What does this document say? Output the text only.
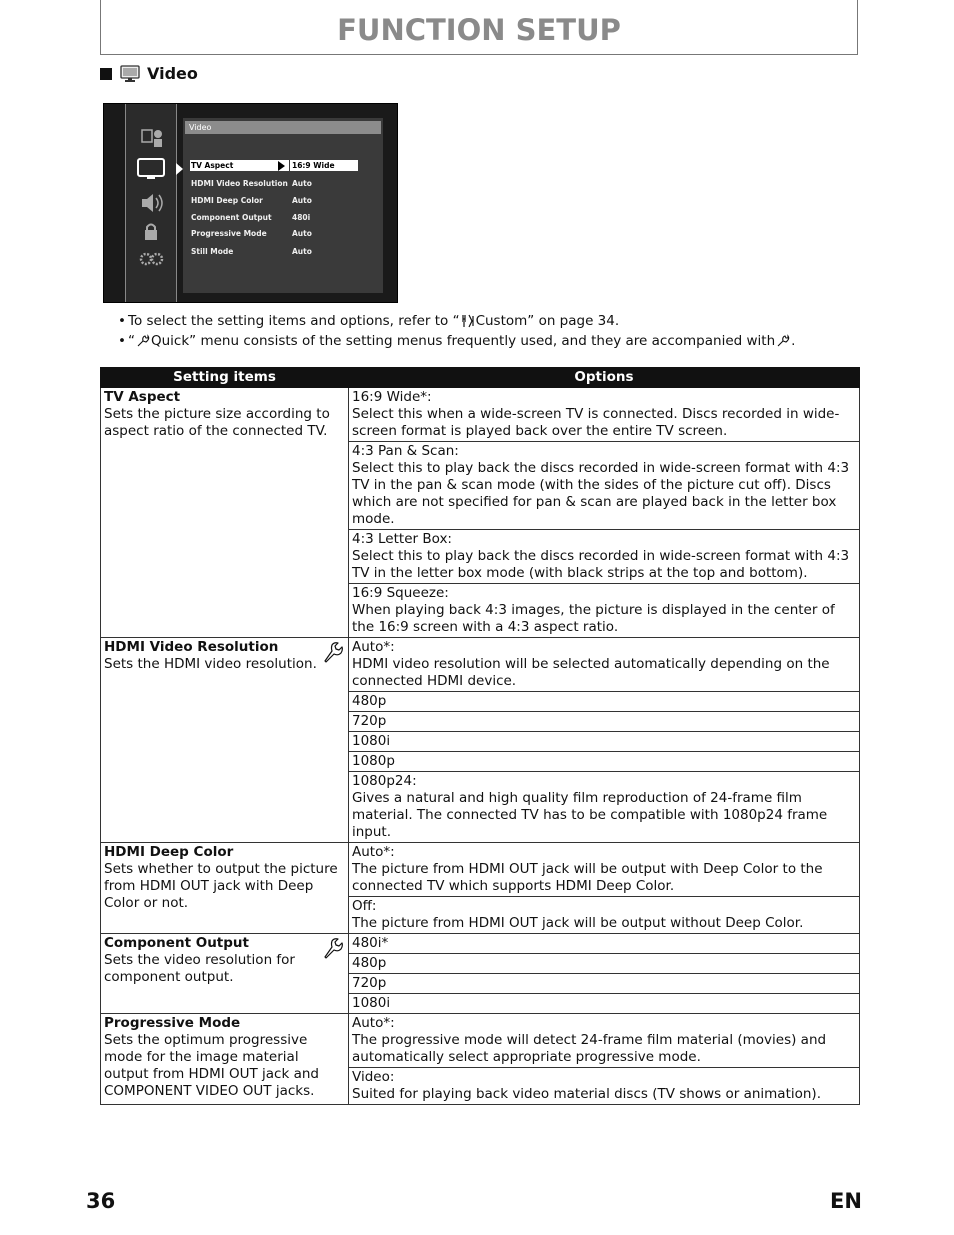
FUNCTION SETUP
Video
Video
TV Aspect	16:9 Wide
HDMI Video Resolution Auto
HDMI Deep Color	Auto
Component Output	480i
Progressive Mode	Auto
Still Mode	Auto
• To select the setting items and options, refer to “ Custom” on page 34.
• “ Quick” menu consists of the setting menus frequently used, and they are accompanied with .
Setting items	Options

TV Aspect
Sets the picture size according to aspect ratio of the connected TV.	16:9 Wide*:
Select this when a wide-screen TV is connected. Discs recorded in wide-screen format is played back over the entire TV screen.

	4:3 Pan & Scan:
Select this to play back the discs recorded in wide-screen format with 4:3 TV in the pan & scan mode (with the sides of the picture cut off). Discs which are not specified for pan & scan are played back in the letter box mode.

	4:3 Letter Box:
Select this to play back the discs recorded in wide-screen format with 4:3 TV in the letter box mode (with black strips at the top and bottom).

	16:9 Squeeze:
When playing back 4:3 images, the picture is displayed in the center of the 16:9 screen with a 4:3 aspect ratio.

HDMI Video Resolution
Sets the HDMI video resolution.	Auto*:
HDMI video resolution will be selected automatically depending on the connected HDMI device.

	480p

	720p

	1080i

	1080p

	1080p24:
Gives a natural and high quality film reproduction of 24-frame film material. The connected TV has to be compatible with 1080p24 frame input.

HDMI Deep Color
Sets whether to output the picture from HDMI OUT jack with Deep Color or not.	Auto*:
The picture from HDMI OUT jack will be output with Deep Color to the connected TV which supports HDMI Deep Color.

	Off:
The picture from HDMI OUT jack will be output without Deep Color.

Component Output
Sets the video resolution for component output.	480i*

	480p

	720p

	1080i

Progressive Mode
Sets the optimum progressive mode for the image material output from HDMI OUT jack and COMPONENT VIDEO OUT jacks.	Auto*:
The progressive mode will detect 24-frame film material (movies) and automatically select appropriate progressive mode.

	Video:
Suited for playing back video material discs (TV shows or animation).
36	EN
